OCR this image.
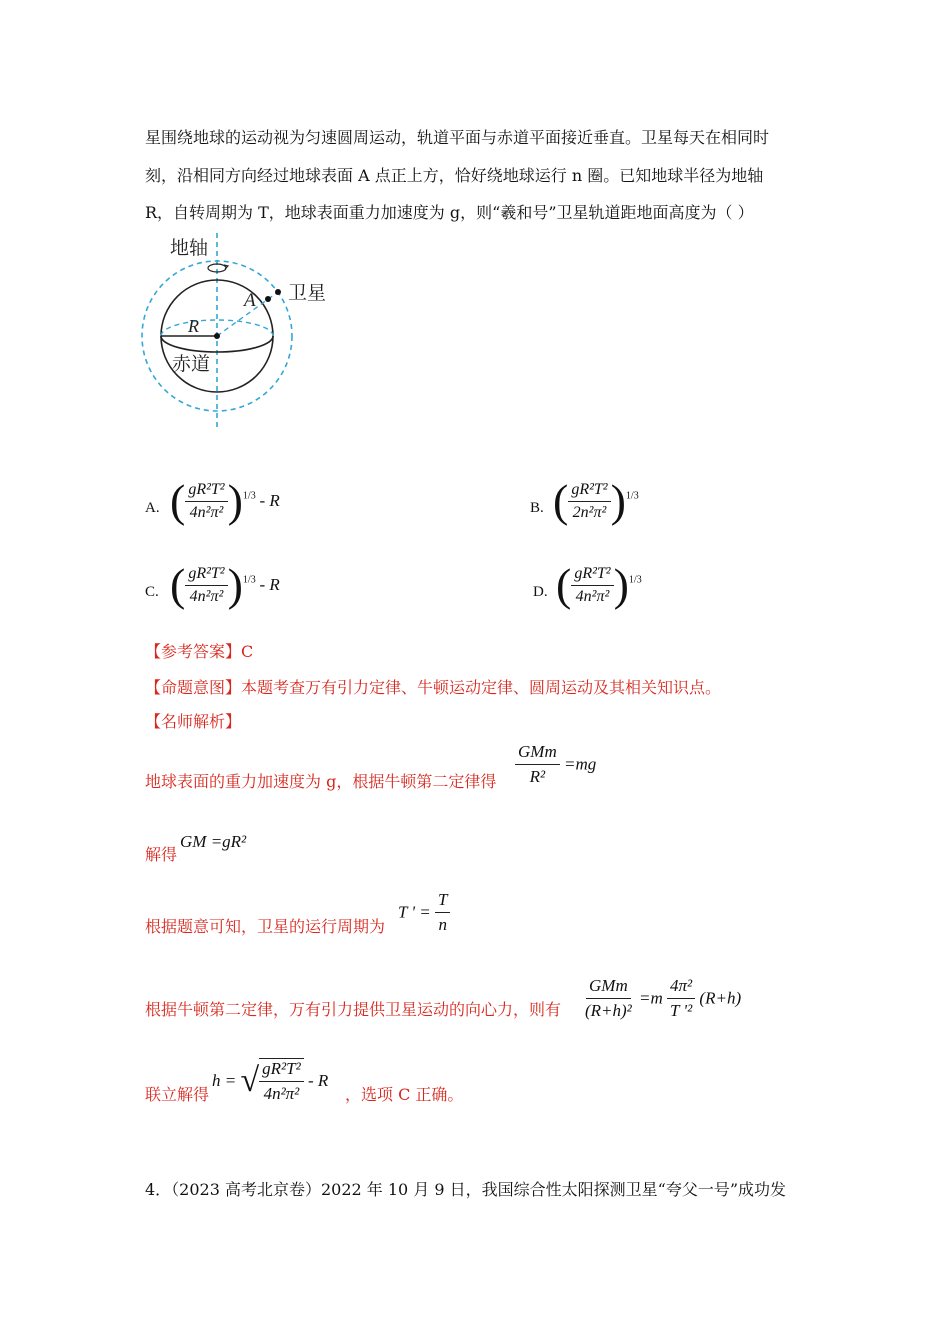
星围绕地球的运动视为匀速圆周运动，轨道平面与赤道平面接近垂直。卫星每天在相同时
刻，沿相同方向经过地球表面 A 点正上方，恰好绕地球运行 n 圈。已知地球半径为地轴
R，自转周期为 T，地球表面重力加速度为 g，则“羲和号”卫星轨道距地面高度为（ ）
地轴
A 卫星
R
赤道
A. ( $\frac{\text{gR²T²}}{\text{4n²π²}} )^{1/3}$ - R	B. ( $\frac{\text{gR²T²}}{\text{2n²π²}} )^{1/3}$
C. ( $\frac{\text{gR²T²}}{\text{4n²π²}} )^{1/3}$ - R	D. ( $\frac{\text{gR²T²}}{\text{4n²π²}} )^{1/3}$
【参考答案】C
【命题意图】本题考查万有引力定律、牛顿运动定律、圆周运动及其相关知识点。
【名师解析】
地球表面的重力加速度为 g，根据牛顿第二定律得 $\frac{\text{GMm}}{\text{R²}} =mg$
解得
GM =gR²
根据题意可知，卫星的运行周期为
T ' = $\frac{T}{n}$
根据牛顿第二定律，万有引力提供卫星运动的向心力，则有 $\frac{\text{GMm}}{\text{(R+h)²}} =m \frac{\text{4π²}}{\text{T '²}} (R+h)$
联立解得
h = √ $\frac{\text{gR²T²}}{\text{4n²π²}}$ - R
，选项 C 正确。
4．（2023 高考北京卷）2022 年 10 月 9 日，我国综合性太阳探测卫星“夸父一号”成功发
